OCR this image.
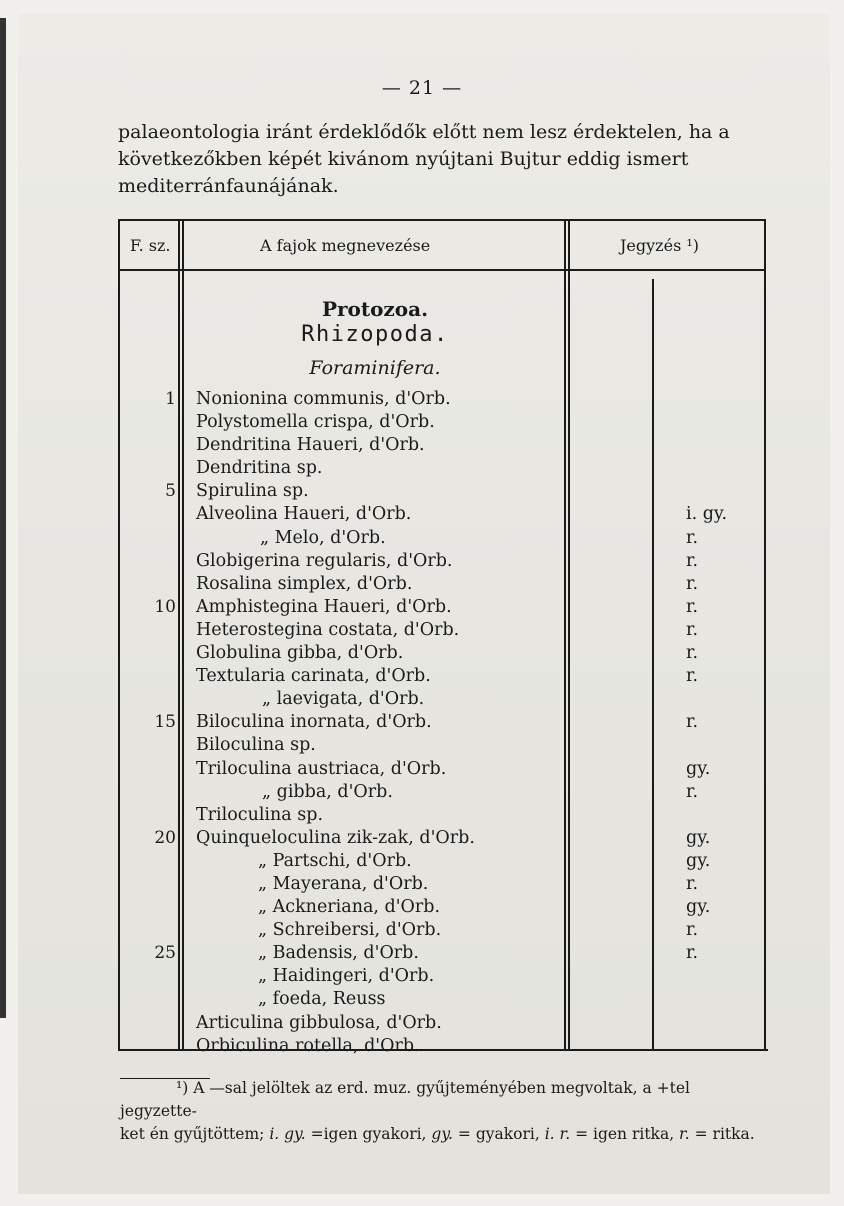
— 21 —
palaeontologia iránt érdeklődők előtt nem lesz érdektelen, ha a következőkben képét kivánom nyújtani Bujtur eddig ismert mediterránfaunájának.
F. sz.	A fajok megnevezése	Jegyzés ¹)
Protozoa.
Rhizopoda.
Foraminifera.
1 Nonionina communis, d'Orb.
Polystomella crispa, d'Orb.
Dendritina Haueri, d'Orb.
Dendritina sp.
5 Spirulina sp.
Alveolina Haueri, d'Orb.	i. gy.
„ Melo, d'Orb.	r.
Globigerina regularis, d'Orb.	r.
Rosalina simplex, d'Orb.	r.
10 Amphistegina Haueri, d'Orb.	r.
Heterostegina costata, d'Orb.	r.
Globulina gibba, d'Orb.	r.
Textularia carinata, d'Orb.	r.
„ laevigata, d'Orb.
15 Biloculina inornata, d'Orb.	r.
Biloculina sp.
Triloculina austriaca, d'Orb.	gy.
„ gibba, d'Orb.	r.
Triloculina sp.
20 Quinqueloculina zik-zak, d'Orb.	gy.
„ Partschi, d'Orb.	gy.
„ Mayerana, d'Orb.	r.
„ Ackneriana, d'Orb.	gy.
„ Schreibersi, d'Orb.	r.
25	„ Badensis, d'Orb.	r.
„ Haidingeri, d'Orb.
„ foeda, Reuss
Articulina gibbulosa, d'Orb.
Orbiculina rotella, d'Orb.

¹) A —sal jelöltek az erd. muz. gyűjteményében megvoltak, a +tel jegyzette-

ket én gyűjtöttem; i. gy. =igen gyakori, gy. = gyakori, i. r. = igen ritka, r. = ritka.
